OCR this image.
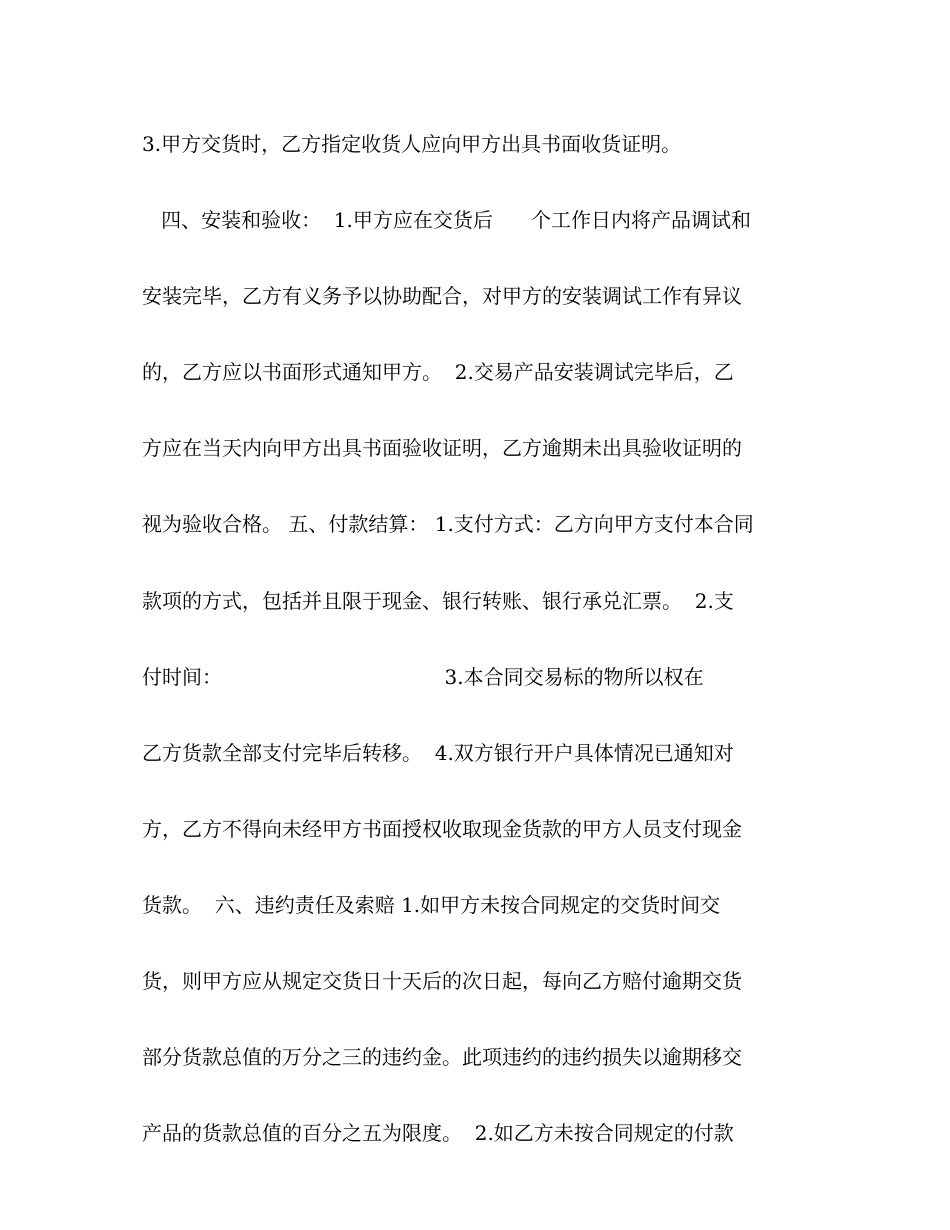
3.甲方交货时，乙方指定收货人应向甲方出具书面收货证明。
四、安装和验收：  1.甲方应在交货后      个工作日内将产品调试和
安装完毕，乙方有义务予以协助配合，对甲方的安装调试工作有异议
的，乙方应以书面形式通知甲方。  2.交易产品安装调试完毕后，乙
方应在当天内向甲方出具书面验收证明，乙方逾期未出具验收证明的
视为验收合格。 五、付款结算： 1.支付方式：乙方向甲方支付本合同
款项的方式，包括并且限于现金、银行转账、银行承兑汇票。  2.支
付时间：                                   3.本合同交易标的物所以权在
乙方货款全部支付完毕后转移。  4.双方银行开户具体情况已通知对
方，乙方不得向未经甲方书面授权收取现金货款的甲方人员支付现金
货款。  六、违约责任及索赔 1.如甲方未按合同规定的交货时间交
货，则甲方应从规定交货日十天后的次日起，每向乙方赔付逾期交货
部分货款总值的万分之三的违约金。此项违约的违约损失以逾期移交
产品的货款总值的百分之五为限度。  2.如乙方未按合同规定的付款
